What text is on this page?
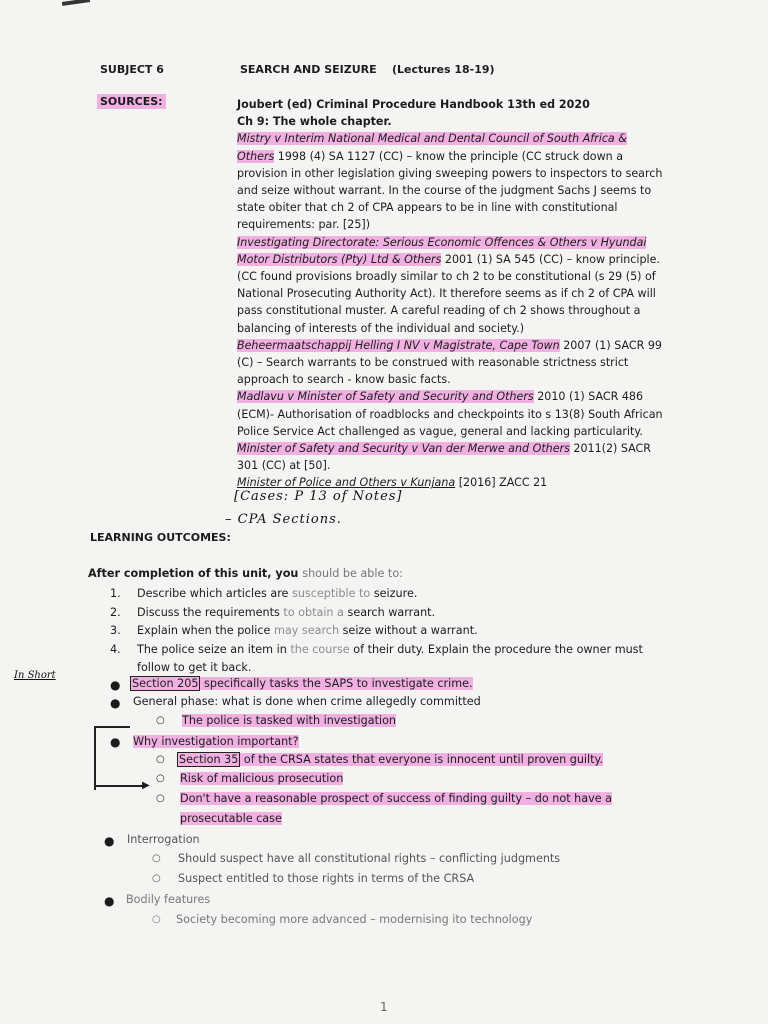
SUBJECT 6	SEARCH AND SEIZURE    (Lectures 18-19)
SOURCES:	Joubert (ed) Criminal Procedure Handbook 13th ed 2020
Ch 9: The whole chapter.
Mistry v Interim National Medical and Dental Council of South Africa &
Others 1998 (4) SA 1127 (CC) – know the principle (CC struck down a
provision in other legislation giving sweeping powers to inspectors to search
and seize without warrant. In the course of the judgment Sachs J seems to
state obiter that ch 2 of CPA appears to be in line with constitutional
requirements: par. [25])
Investigating Directorate: Serious Economic Offences & Others v Hyundai
Motor Distributors (Pty) Ltd & Others 2001 (1) SA 545 (CC) – know principle.
(CC found provisions broadly similar to ch 2 to be constitutional (s 29 (5) of
National Prosecuting Authority Act). It therefore seems as if ch 2 of CPA will
pass constitutional muster. A careful reading of ch 2 shows throughout a
balancing of interests of the individual and society.)
Beheermaatschappij Helling I NV v Magistrate, Cape Town 2007 (1) SACR 99
(C) – Search warrants to be construed with reasonable strictness strict
approach to search - know basic facts.
Madlavu v Minister of Safety and Security and Others 2010 (1) SACR 486
(ECM)- Authorisation of roadblocks and checkpoints ito s 13(8) South African
Police Service Act challenged as vague, general and lacking particularity.
Minister of Safety and Security v Van der Merwe and Others 2011(2) SACR
301 (CC) at [50].
Minister of Police and Others v Kunjana [2016] ZACC 21
[Cases: P 13 of Notes]
– CPA Sections.
LEARNING OUTCOMES:
After completion of this unit, you should be able to:
1. Describe which articles are susceptible to seizure.
2. Discuss the requirements to obtain a search warrant.
3. Explain when the police may search seize without a warrant.
4. The police seize an item in the course of their duty. Explain the procedure the owner must
follow to get it back.
In Short
▶
● Section 205 specifically tasks the SAPS to investigate crime.
● General phase: what is done when crime allegedly committed
○ The police is tasked with investigation
● Why investigation important?
○ Section 35 of the CRSA states that everyone is innocent until proven guilty.
○ Risk of malicious prosecution
○ Don't have a reasonable prospect of success of finding guilty – do not have a
prosecutable case
● Interrogation
○ Should suspect have all constitutional rights – conflicting judgments
○ Suspect entitled to those rights in terms of the CRSA
● Bodily features
○ Society becoming more advanced – modernising ito technology
1
